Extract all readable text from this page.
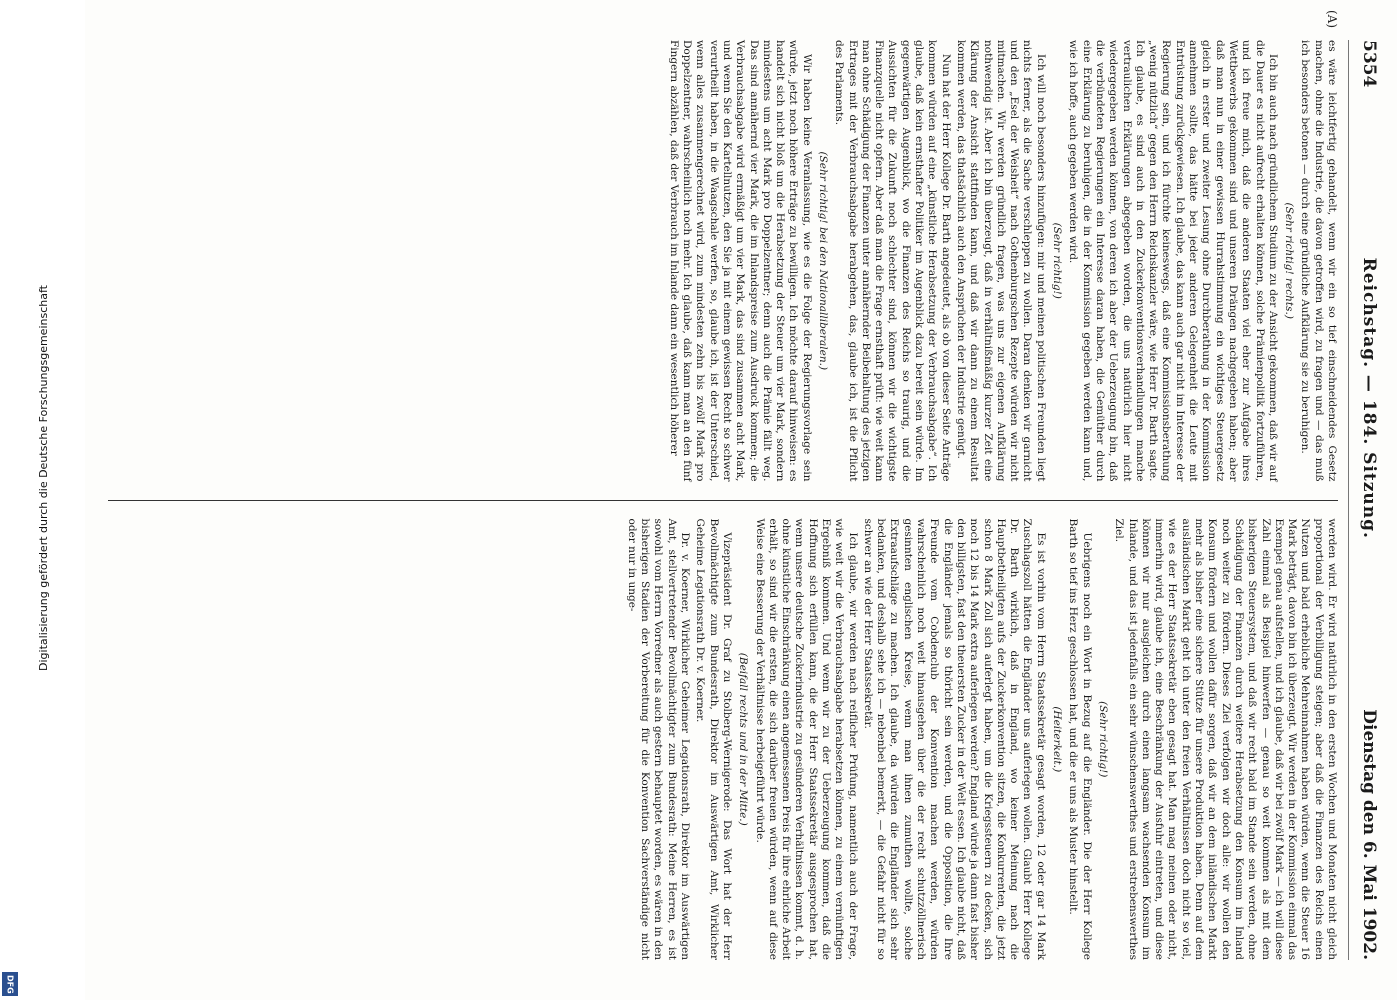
5354
Reichstag. — 184. Sitzung.
Dienstag den 6. Mai 1902.
(A)

es wäre leichtfertig gehandelt, wenn wir ein so tief einschneidendes Gesetz machen, ohne die Industrie, die davon getroffen wird, zu fragen und — das muß ich besonders betonen — durch eine gründliche Aufklärung sie zu beruhigen.

(Sehr richtig! rechts.)

Ich bin auch nach gründlichem Studium zu der Ansicht gekommen, daß wir auf die Dauer es nicht aufrecht erhalten können, solche Prämienpolitik fortzuführen, und ich freue mich, daß die anderen Staaten viel eher zur Aufgabe ihres Wettbewerbs gekommen sind und unseren Drängen nachgegeben haben; aber daß man nun in einer gewissen Hurrahstimmung ein wichtiges Steuergesetz gleich in erster und zweiter Lesung ohne Durchberathung in der Kommission annehmen sollte, das hätte bei jeder anderen Gelegenheit die Leute mit Entrüstung zurückgewiesen. Ich glaube, das kann auch gar nicht im Interesse der Regierung sein, und ich fürchte keineswegs, daß eine Kommissionsberathung „wenig nützlich“ gegen den Herrn Reichskanzler wäre, wie Herr Dr. Barth sagte. Ich glaube, es sind auch in den Zuckerkonventionsverhandlungen manche vertraulichen Erklärungen abgegeben worden, die uns natürlich hier nicht wiedergegeben werden können, von deren ich aber der Ueberzeugung bin, daß die verbündeten Regierungen ein Interesse daran haben, die Gemüther durch eine Erklärung zu beruhigen, die in der Kommission gegeben werden kann und, wie ich hoffe, auch gegeben werden wird.

(Sehr richtig!)

Ich will noch besonders hinzufügen: mir und meinen politischen Freunden liegt nichts ferner, als die Sache verschleppen zu wollen. Daran denken wir garnicht und den „Esel der Weisheit“ nach Gothenburgschen Rezepte würden wir nicht mitmachen. Wir werden gründlich fragen, was uns zur eigenen Aufklärung nothwendig ist. Aber ich bin überzeugt, daß in verhältnißmäßig kurzer Zeit eine Klärung der Ansicht stattfinden kann, und daß wir dann zu einem Resultat kommen werden, das thatsächlich auch den Ansprüchen der Industrie genügt.

Nun hat der Herr Kollege Dr. Barth angedeutet, als ob von dieser Seite Anträge kommen würden auf eine „künstliche Herabsetzung der Verbrauchsabgabe“. Ich glaube, daß kein ernsthafter Politiker im Augenblick dazu bereit sein würde. Im gegenwärtigen Augenblick, wo die Finanzen des Reichs so traurig, und die Aussichten für die Zukunft noch schlechter sind, können wir die wichtigste Finanzquelle nicht opfern. Aber daß man die Frage ernsthaft prüft: wie weit kann man ohne Schädigung der Finanzen unter annähernder Beibehaltung des jetzigen Ertrages mit der Verbrauchsabgabe herabgehen, das, glaube ich, ist die Pflicht des Parlaments.

(Sehr richtig! bei den Nationalliberalen.)

Wir haben keine Veranlassung, wie es die Folge der Regierungsvorlage sein würde, jetzt noch höhere Erträge zu bewilligen. Ich möchte darauf hinweisen: es handelt sich nicht bloß um die Herabsetzung der Steuer um vier Mark, sondern mindestens um acht Mark pro Doppelzentner; denn auch die Prämie fällt weg. Das sind annähernd vier Mark, die im Inlandspreise zum Ausdruck kommen; die Verbrauchsabgabe wird ermäßigt um vier Mark, das sind zusammen acht Mark, und wenn Sie den Kartellnutzen, den Sie ja mit einem gewissen Recht so schwer verurtheilt haben, in die Waagschale werfen, so, glaube ich, ist der Unterschied, wenn alles zusammengerechnet wird, zum mindesten zehn bis zwölf Mark pro Doppelzentner, wahrscheinlich noch mehr. Ich glaube, daß kann man an den fünf Fingern abzählen, daß der Verbrauch im Inlande dann ein wesentlich höherer

werden wird. Er wird natürlich in den ersten Wochen und Monaten nicht gleich proportional der Verbilligung steigen; aber daß die Finanzen des Reichs einen Nutzen und bald erhebliche Mehreinnahmen haben würden, wenn die Steuer 16 Mark beträgt, davon bin ich überzeugt. Wir werden in der Kommission einmal das Exempel genau aufstellen, und ich glaube, daß wir bei zwölf Mark — ich will diese Zahl einmal als Beispiel hinwerfen — genau so weit kommen als mit dem bisherigen Steuersystem, und daß wir recht bald im Stande sein werden, ohne Schädigung der Finanzen durch weitere Herabsetzung den Konsum im Inland noch weiter zu fördern. Dieses Ziel verfolgen wir doch alle: wir wollen den Konsum fördern und wollen dafür sorgen, daß wir an dem inländischen Markt mehr als bisher eine sichere Stütze für unsere Produktion haben. Denn auf dem ausländischen Markt geht ich unter den freien Verhältnissen doch nicht so viel, wie es der Herr Staatssekretär eben gesagt hat. Man mag meinen oder nicht, immerhin wird, glaube ich, eine Beschränkung der Ausfuhr eintreten, und diese können wir nur ausgleichen durch einen langsam wachsenden Konsum im Inlande, und das ist jedenfalls ein sehr wünschenswerthes und erstrebenswerthes Ziel.

(Sehr richtig!)

Uebrigens noch ein Wort in Bezug auf die Engländer. Die der Herr Kollege Barth so tief ins Herz geschlossen hat, und die er uns als Muster hinstellt.

(Heiterkeit.)

Es ist vorhin vom Herrn Staatssekretär gesagt worden, 12 oder gar 14 Mark Zuschlagszoll hätten die Engländer uns auferlegen wollen. Glaubt Herr Kollege Dr. Barth wirklich, daß in England, wo keiner Meinung nach die Hauptbetheiligten aufs der Zuckerkonvention sitzen, die Konkurrenten, die jetzt schon 8 Mark Zoll sich auferlegt haben, um die Kriegssteuern zu decken, sich noch 12 bis 14 Mark extra auferlegen werden? England würde ja dann fast bisher den billigsten, fast den theuersten Zucker in der Welt essen. Ich glaube nicht, daß die Engländer jemals so thöricht sein werden, und die Opposition, die Ihre Freunde vom Cobdenclub der Konvention machen werden, würden wahrscheinlich noch weit hinausgehen über die der recht schutzzöllnerisch gesinnten englischen Kreise, wenn man ihnen zumuthen wollte, solche Extraaufschläge zu machen. Ich glaube, da würden die Engländer sich sehr bedanken, und deshalb sehe ich — nebenbei bemerkt, — die Gefahr nicht für so schwer an wie der Herr Staatssekretär.

Ich glaube, wir werden nach reiflicher Prüfung, namentlich auch der Frage, wie weit wir die Verbrauchsabgabe herabsetzen können, zu einem vernünftigen Ergebniß kommen. Und wenn wir zu der Ueberzeugung kommen, daß die Hoffnung sich erfüllen kann, die der Herr Staatssekretär ausgesprochen hat, wenn unsere deutsche Zuckerindustrie zu gesünderen Verhältnissen kommt, d. h. ohne künstliche Einschränkung einen angemessenen Preis für ihre ehrliche Arbeit erhält, so sind wir die ersten, die sich darüber freuen würden, wenn auf diese Weise eine Besserung der Verhältnisse herbeigeführt würde.

(Beifall rechts und in der Mitte.)

Vizepräsident Dr. Graf zu Stolberg-Wernigerode: Das Wort hat der Herr Bevollmächtigte zum Bundesrath, Direktor im Auswärtigen Amt, Wirklicher Geheime Legationsrath Dr. v. Koerner.

Dr. v. Koerner, Wirklicher Geheimer Legationsrath, Direktor im Auswärtigen Amt, stellvertretender Bevollmächtigter zum Bundesrath: Meine Herren, es ist sowohl vom Herrn Vorredner als auch gestern behauptet worden, es wären in den bisherigen Stadien der Vorbereitung für die Konvention Sachverständige nicht oder nur in unge-

Digitalisierung gefördert durch die Deutsche Forschungsgemeinschaft
DFG
